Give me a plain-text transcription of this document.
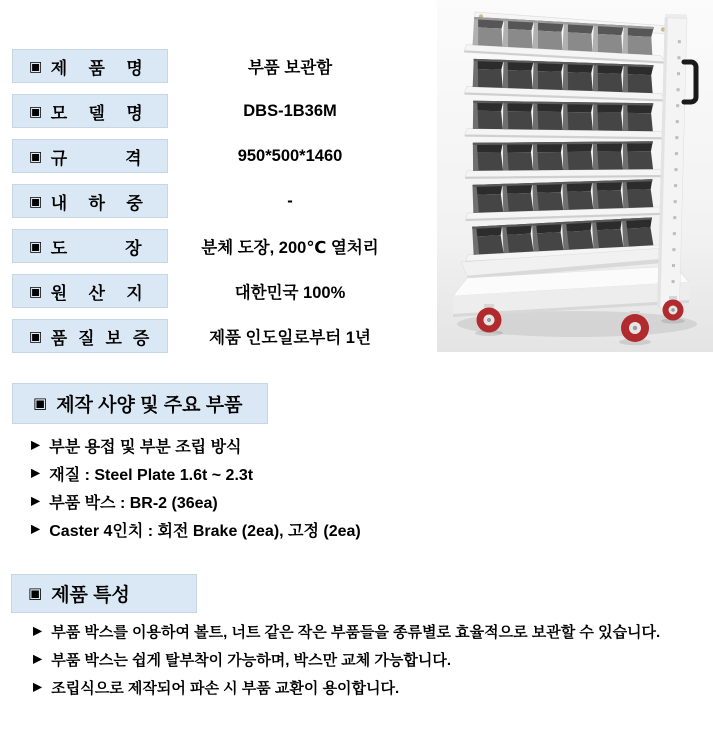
▣ 제    품    명	부품 보관함
▣ 모    델    명	DBS-1B36M
▣ 규           격	950*500*1460
▣ 내    하    중	-
▣ 도           장	분체 도장, 200℃ 열처리
▣ 원    산    지	대한민국 100%
▣ 품  질  보  증	제품 인도일로부터 1년
▣ 제작 사양 및 주요 부품
▶ 부분 용접 및 부분 조립 방식
▶ 재질 : Steel Plate 1.6t ~ 2.3t
▶ 부품 박스 : BR-2 (36ea)
▶ Caster 4인치 : 회전 Brake (2ea), 고정 (2ea)
▣ 제품 특성
▶ 부품 박스를 이용하여 볼트, 너트 같은 작은 부품들을 종류별로 효율적으로 보관할 수 있습니다.
▶ 부품 박스는 쉽게 탈부착이 가능하며, 박스만 교체 가능합니다.
▶ 조립식으로 제작되어 파손 시 부품 교환이 용이합니다.
